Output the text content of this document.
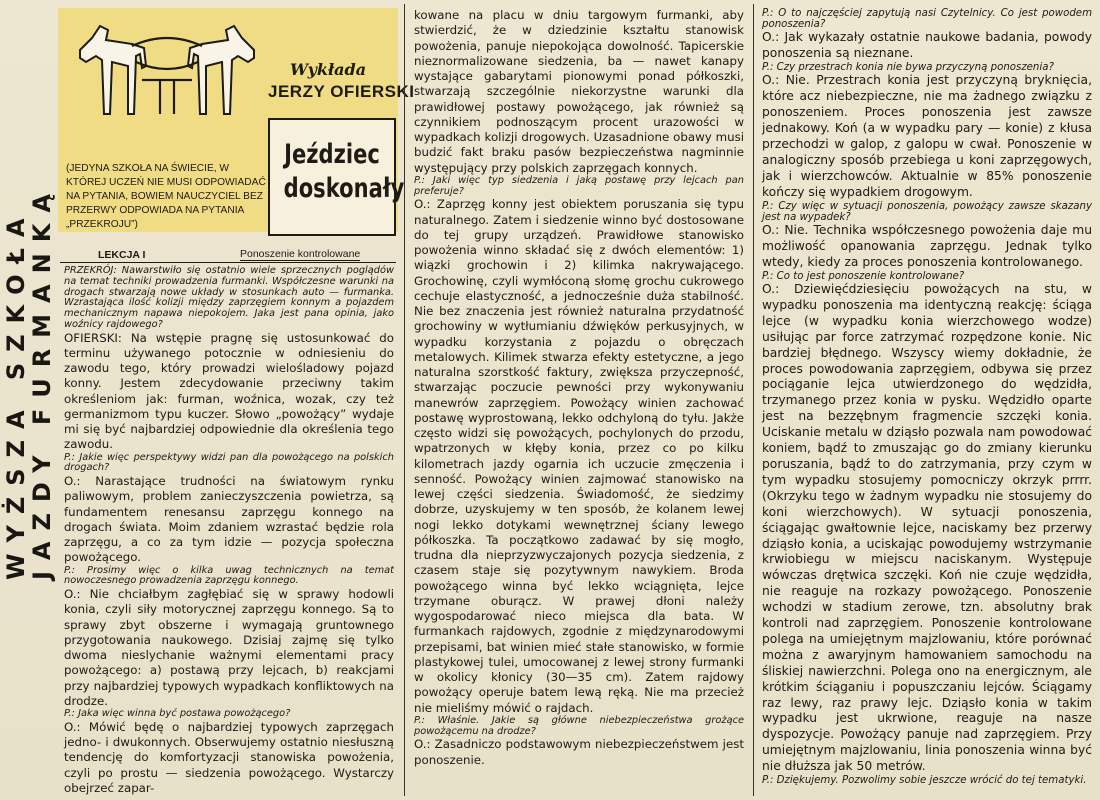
WYŻSZA SZKOŁA
JAZDY FURMANKĄ
Wykłada
JERZY OFIERSKI
Jeździec
doskonały
(JEDYNA SZKOŁA NA ŚWIECIE, W KTÓREJ UCZEŃ NIE MUSI ODPOWIADAĆ NA PYTANIA, BOWIEM NAUCZYCIEL BEZ PRZERWY ODPOWIADA NA PYTANIA „PRZEKROJU”)
LEKCJA I	Ponoszenie kontrolowane

PRZEKRÓJ: Nawarstwiło się ostatnio wiele sprzecznych poglądów na temat techniki prowadzenia furmanki. Współczesne warunki na drogach stwarzają nowe układy w stosunkach auto — furmanka. Wzrastająca ilość kolizji między zaprzęgiem konnym a pojazdem mechanicznym napawa niepokojem. Jaka jest pana opinia, jako woźnicy rajdowego?

OFIERSKI: Na wstępie pragnę się ustosunkować do terminu używanego potocznie w odniesieniu do zawodu tego, który prowadzi wielośladowy pojazd konny. Jestem zdecydowanie przeciwny takim określeniom jak: furman, woźnica, wozak, czy też germanizmom typu kuczer. Słowo „powożący” wydaje mi się być najbardziej odpowiednie dla określenia tego zawodu.

P.: Jakie więc perspektywy widzi pan dla powożącego na polskich drogach?

O.: Narastające trudności na światowym rynku paliwowym, problem zanieczyszczenia powietrza, są fundamentem renesansu zaprzęgu konnego na drogach świata. Moim zdaniem wzrastać będzie rola zaprzęgu, a co za tym idzie — pozycja społeczna powożącego.

P.: Prosimy więc o kilka uwag technicznych na temat nowoczesnego prowadzenia zaprzęgu konnego.

O.: Nie chciałbym zagłębiać się w sprawy hodowli konia, czyli siły motorycznej zaprzęgu konnego. Są to sprawy zbyt obszerne i wymagają gruntownego przygotowania naukowego. Dzisiaj zajmę się tylko dwoma nieslychanie ważnymi elementami pracy powożącego: a) postawą przy lejcach, b) reakcjami przy najbardziej typowych wypadkach konfliktowych na drodze.

P.: Jaka więc winna być postawa powożącego?

O.: Mówić będę o najbardziej typowych zaprzęgach jedno- i dwukonnych. Obserwujemy ostatnio niesłuszną tendencję do komfortyzacji stanowiska powożenia, czyli po prostu — siedzenia powożącego. Wystarczy obejrzeć zapar-

kowane na placu w dniu targowym furmanki, aby stwierdzić, że w dziedzinie kształtu stanowisk powożenia, panuje niepokojąca dowolność. Tapicerskie nieznormalizowane siedzenia, ba — nawet kanapy wystające gabarytami pionowymi ponad półkoszki, stwarzają szczególnie niekorzystne warunki dla prawidłowej postawy powożącego, jak również są czynnikiem podnoszącym procent urazowości w wypadkach kolizji drogowych. Uzasadnione obawy musi budzić fakt braku pasów bezpieczeństwa nagminnie występujący przy polskich zaprzęgach konnych.

P.: Jaki więc typ siedzenia i jaką postawę przy lejcach pan preferuje?

O.: Zaprzęg konny jest obiektem poruszania się typu naturalnego. Zatem i siedzenie winno być dostosowane do tej grupy urządzeń. Prawidłowe stanowisko powożenia winno składać się z dwóch elementów: 1) wiązki grochowin i 2) kilimka nakrywającego. Grochowinę, czyli wymłóconą słomę grochu cukrowego cechuje elastyczność, a jednocześnie duża stabilność. Nie bez znaczenia jest również naturalna przydatność grochowiny w wytłumianiu dźwięków perkusyjnych, w wypadku korzystania z pojazdu o obręczach metalowych. Kilimek stwarza efekty estetyczne, a jego naturalna szorstkość faktury, zwiększa przyczepność, stwarzając poczucie pewności przy wykonywaniu manewrów zaprzęgiem. Powożący winien zachować postawę wyprostowaną, lekko odchyloną do tyłu. Jakże często widzi się powożących, pochylonych do przodu, wpatrzonych w kłęby konia, przez co po kilku kilometrach jazdy ogarnia ich uczucie zmęczenia i senność. Powożący winien zajmować stanowisko na lewej części siedzenia. Świadomość, że siedzimy dobrze, uzyskujemy w ten sposób, że kolanem lewej nogi lekko dotykami wewnętrznej ściany lewego półkoszka. Ta początkowo zadawać by się mogło, trudna dla nieprzyzwyczajonych pozycja siedzenia, z czasem staje się pozytywnym nawykiem. Broda powożącego winna być lekko wciągnięta, lejce trzymane oburącz. W prawej dłoni należy wygospodarować nieco miejsca dla bata. W furmankach rajdowych, zgodnie z międzynarodowymi przepisami, bat winien mieć stałe stanowisko, w formie plastykowej tulei, umocowanej z lewej strony furmanki w okolicy kłonicy (30—35 cm). Zatem rajdowy powożący operuje batem lewą ręką. Nie ma przecież nie mieliśmy mówić o rajdach.

P.: Właśnie. Jakie są główne niebezpieczeństwa grożące powożącemu na drodze?

O.: Zasadniczo podstawowym niebezpieczeństwem jest ponoszenie.

P.: O to najczęściej zapytują nasi Czytelnicy. Co jest powodem ponoszenia?

O.: Jak wykazały ostatnie naukowe badania, powody ponoszenia są nieznane.

P.: Czy przestrach konia nie bywa przyczyną ponoszenia?

O.: Nie. Przestrach konia jest przyczyną bryknięcia, które acz niebezpieczne, nie ma żadnego związku z ponoszeniem. Proces ponoszenia jest zawsze jednakowy. Koń (a w wypadku pary — konie) z kłusa przechodzi w galop, z galopu w cwał. Ponoszenie w analogiczny sposób przebiega u koni zaprzęgowych, jak i wierzchowców. Aktualnie w 85% ponoszenie kończy się wypadkiem drogowym.

P.: Czy więc w sytuacji ponoszenia, powożący zawsze skazany jest na wypadek?

O.: Nie. Technika współczesnego powożenia daje mu możliwość opanowania zaprzęgu. Jednak tylko wtedy, kiedy za proces ponoszenia kontrolowanego.

P.: Co to jest ponoszenie kontrolowane?

O.: Dziewięćdziesięciu powożących na stu, w wypadku ponoszenia ma identyczną reakcję: ściąga lejce (w wypadku konia wierzchowego wodze) usiłując par force zatrzymać rozpędzone konie. Nic bardziej błędnego. Wszyscy wiemy dokładnie, że proces powodowania zaprzęgiem, odbywa się przez pociąganie lejca utwierdzonego do wędzidła, trzymanego przez konia w pysku. Wędzidło oparte jest na bezzębnym fragmencie szczęki konia. Uciskanie metalu w dziąsło pozwala nam powodować koniem, bądź to zmuszając go do zmiany kierunku poruszania, bądź to do zatrzymania, przy czym w tym wypadku stosujemy pomocniczy okrzyk prrrr. (Okrzyku tego w żadnym wypadku nie stosujemy do koni wierzchowych). W sytuacji ponoszenia, ściągając gwałtownie lejce, naciskamy bez przerwy dziąsło konia, a uciskając powodujemy wstrzymanie krwiobiegu w miejscu naciskanym. Występuje wówczas drętwica szczęki. Koń nie czuje wędzidła, nie reaguje na rozkazy powożącego. Ponoszenie wchodzi w stadium zerowe, tzn. absolutny brak kontroli nad zaprzęgiem. Ponoszenie kontrolowane polega na umiejętnym majzlowaniu, które porównać można z awaryjnym hamowaniem samochodu na śliskiej nawierzchni. Polega ono na energicznym, ale krótkim ściąganiu i popuszczaniu lejców. Ściągamy raz lewy, raz prawy lejc. Dziąsło konia w takim wypadku jest ukrwione, reaguje na nasze dyspozycje. Powożący panuje nad zaprzęgiem. Przy umiejętnym majzlowaniu, linia ponoszenia winna być nie dłuższa jak 50 metrów.

P.: Dziękujemy. Pozwolimy sobie jeszcze wrócić do tej tematyki.
